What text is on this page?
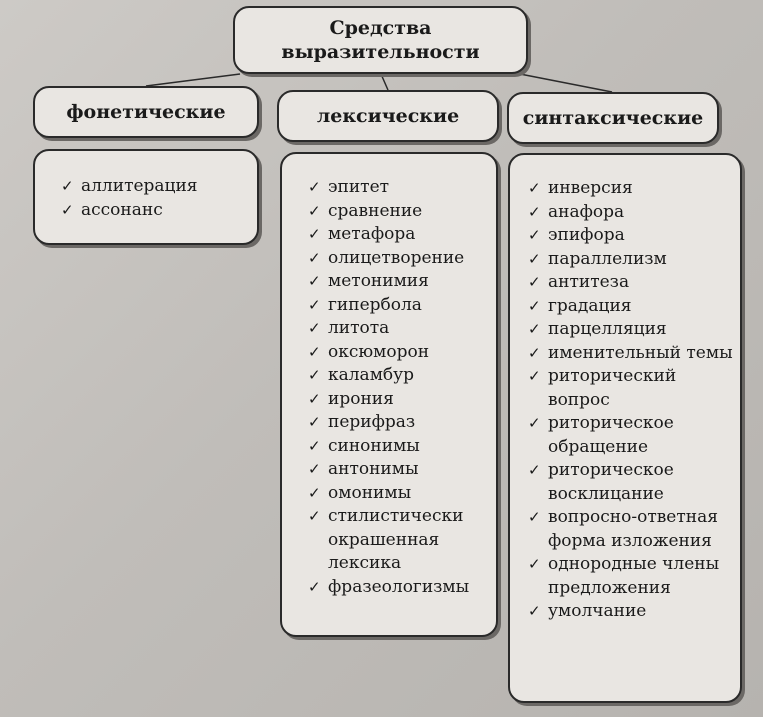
Средства
выразительности
фонетические	лексические	синтаксические
✓ аллитерация
✓ ассонанс
✓ эпитет
✓ сравнение
✓ метафора
✓ олицетворение
✓ метонимия
✓ гипербола
✓ литота
✓ оксюморон
✓ каламбур
✓ ирония
✓ перифраз
✓ синонимы
✓ антонимы
✓ омонимы
✓ стилистически окрашенная лексика
✓ фразеологизмы
✓ инверсия
✓ анафора
✓ эпифора
✓ параллелизм
✓ антитеза
✓ градация
✓ парцелляция
✓ именительный темы
✓ риторический вопрос
✓ риторическое обращение
✓ риторическое восклицание
✓ вопросно-ответная форма изложения
✓ однородные члены предложения
✓ умолчание
